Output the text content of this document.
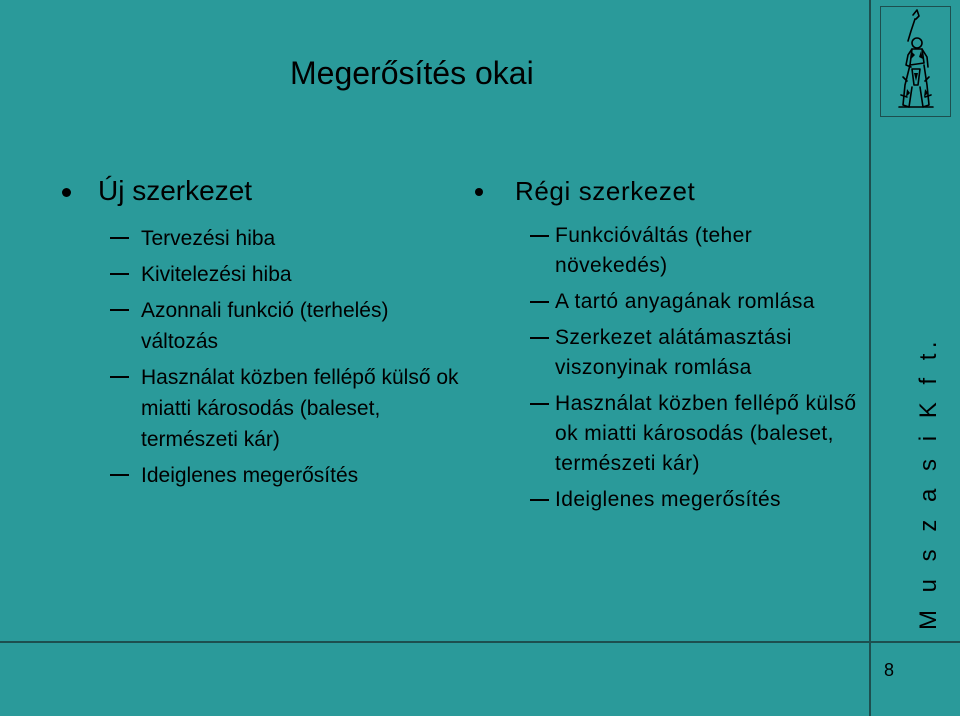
M u s z a s i K f t.
8
Megerősítés okai
Új szerkezet
Tervezési hiba
Kivitelezési hiba
Azonnali funkció (terhelés) változás
Használat közben fellépő külső ok miatti károsodás (baleset, természeti kár)
Ideiglenes megerősítés
Régi szerkezet
Funkcióváltás (teher növekedés)
A tartó anyagának romlása
Szerkezet alátámasztási viszonyinak romlása
Használat közben fellépő külső ok miatti károsodás (baleset, természeti kár)
Ideiglenes megerősítés
